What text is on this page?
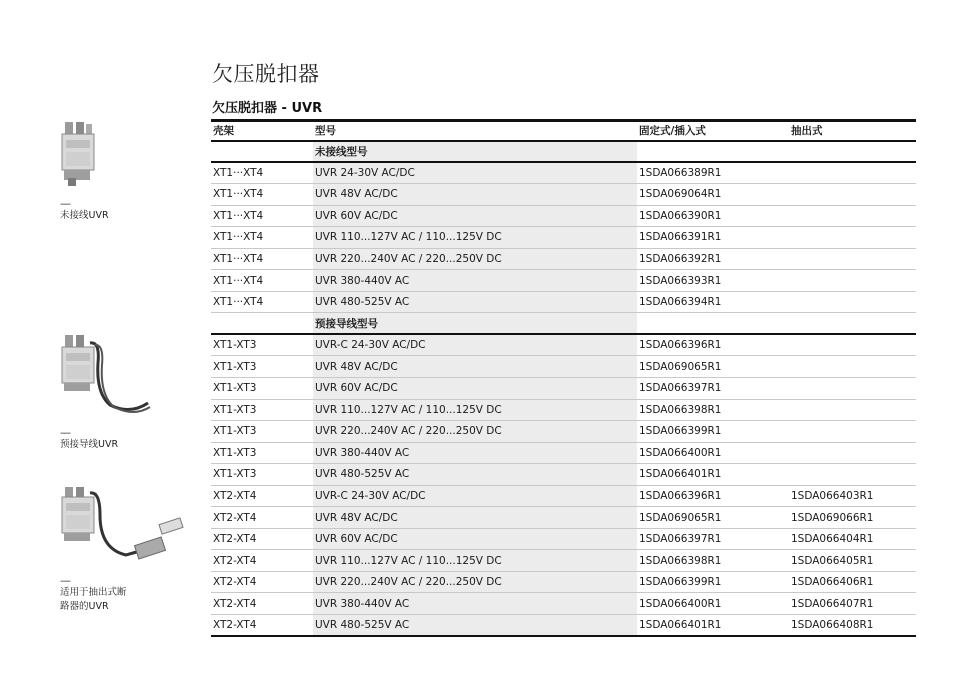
欠压脱扣器
欠压脱扣器 - UVR
—
未接线UVR
—
预接导线UVR
—
适用于抽出式断
路器的UVR
壳架	型号	固定式/插入式	抽出式
	未接线型号		
XT1···XT4	UVR 24-30V AC/DC	1SDA066389R1	
XT1···XT4	UVR 48V AC/DC	1SDA069064R1	
XT1···XT4	UVR 60V AC/DC	1SDA066390R1	
XT1···XT4	UVR 110...127V AC / 110...125V DC	1SDA066391R1	
XT1···XT4	UVR 220...240V AC / 220...250V DC	1SDA066392R1	
XT1···XT4	UVR 380-440V AC	1SDA066393R1	
XT1···XT4	UVR 480-525V AC	1SDA066394R1	
	预接导线型号		
XT1-XT3	UVR-C 24-30V AC/DC	1SDA066396R1	
XT1-XT3	UVR 48V AC/DC	1SDA069065R1	
XT1-XT3	UVR 60V AC/DC	1SDA066397R1	
XT1-XT3	UVR 110...127V AC / 110...125V DC	1SDA066398R1	
XT1-XT3	UVR 220...240V AC / 220...250V DC	1SDA066399R1	
XT1-XT3	UVR 380-440V AC	1SDA066400R1	
XT1-XT3	UVR 480-525V AC	1SDA066401R1	
XT2-XT4	UVR-C 24-30V AC/DC	1SDA066396R1	1SDA066403R1
XT2-XT4	UVR 48V AC/DC	1SDA069065R1	1SDA069066R1
XT2-XT4	UVR 60V AC/DC	1SDA066397R1	1SDA066404R1
XT2-XT4	UVR 110...127V AC / 110...125V DC	1SDA066398R1	1SDA066405R1
XT2-XT4	UVR 220...240V AC / 220...250V DC	1SDA066399R1	1SDA066406R1
XT2-XT4	UVR 380-440V AC	1SDA066400R1	1SDA066407R1
XT2-XT4	UVR 480-525V AC	1SDA066401R1	1SDA066408R1
